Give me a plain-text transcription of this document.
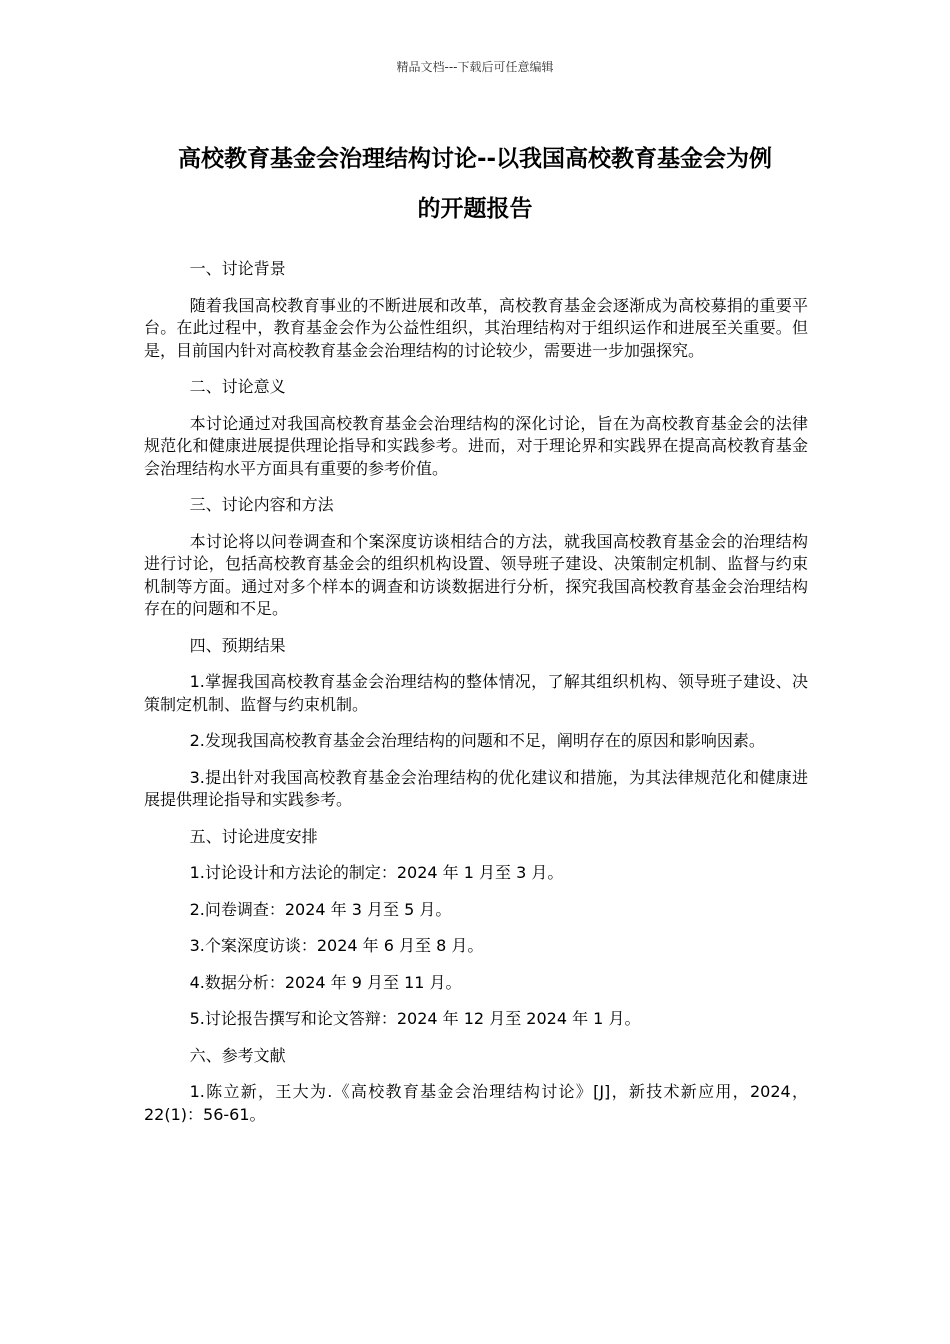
精品文档---下载后可任意编辑
高校教育基金会治理结构讨论--以我国高校教育基金会为例
的开题报告

一、讨论背景

随着我国高校教育事业的不断进展和改革，高校教育基金会逐渐成为高校募捐的重要平台。在此过程中，教育基金会作为公益性组织，其治理结构对于组织运作和进展至关重要。但是，目前国内针对高校教育基金会治理结构的讨论较少，需要进一步加强探究。

二、讨论意义

本讨论通过对我国高校教育基金会治理结构的深化讨论，旨在为高校教育基金会的法律规范化和健康进展提供理论指导和实践参考。进而，对于理论界和实践界在提高高校教育基金会治理结构水平方面具有重要的参考价值。

三、讨论内容和方法

本讨论将以问卷调查和个案深度访谈相结合的方法，就我国高校教育基金会的治理结构进行讨论，包括高校教育基金会的组织机构设置、领导班子建设、决策制定机制、监督与约束机制等方面。通过对多个样本的调查和访谈数据进行分析，探究我国高校教育基金会治理结构存在的问题和不足。

四、预期结果

1.掌握我国高校教育基金会治理结构的整体情况，了解其组织机构、领导班子建设、决策制定机制、监督与约束机制。

2.发现我国高校教育基金会治理结构的问题和不足，阐明存在的原因和影响因素。

3.提出针对我国高校教育基金会治理结构的优化建议和措施，为其法律规范化和健康进展提供理论指导和实践参考。

五、讨论进度安排

1.讨论设计和方法论的制定：2024 年 1 月至 3 月。

2.问卷调查：2024 年 3 月至 5 月。

3.个案深度访谈：2024 年 6 月至 8 月。

4.数据分析：2024 年 9 月至 11 月。

5.讨论报告撰写和论文答辩：2024 年 12 月至 2024 年 1 月。

六、参考文献

1.陈立新，王大为.《高校教育基金会治理结构讨论》[J]，新技术新应用，2024，22(1)：56-61。
